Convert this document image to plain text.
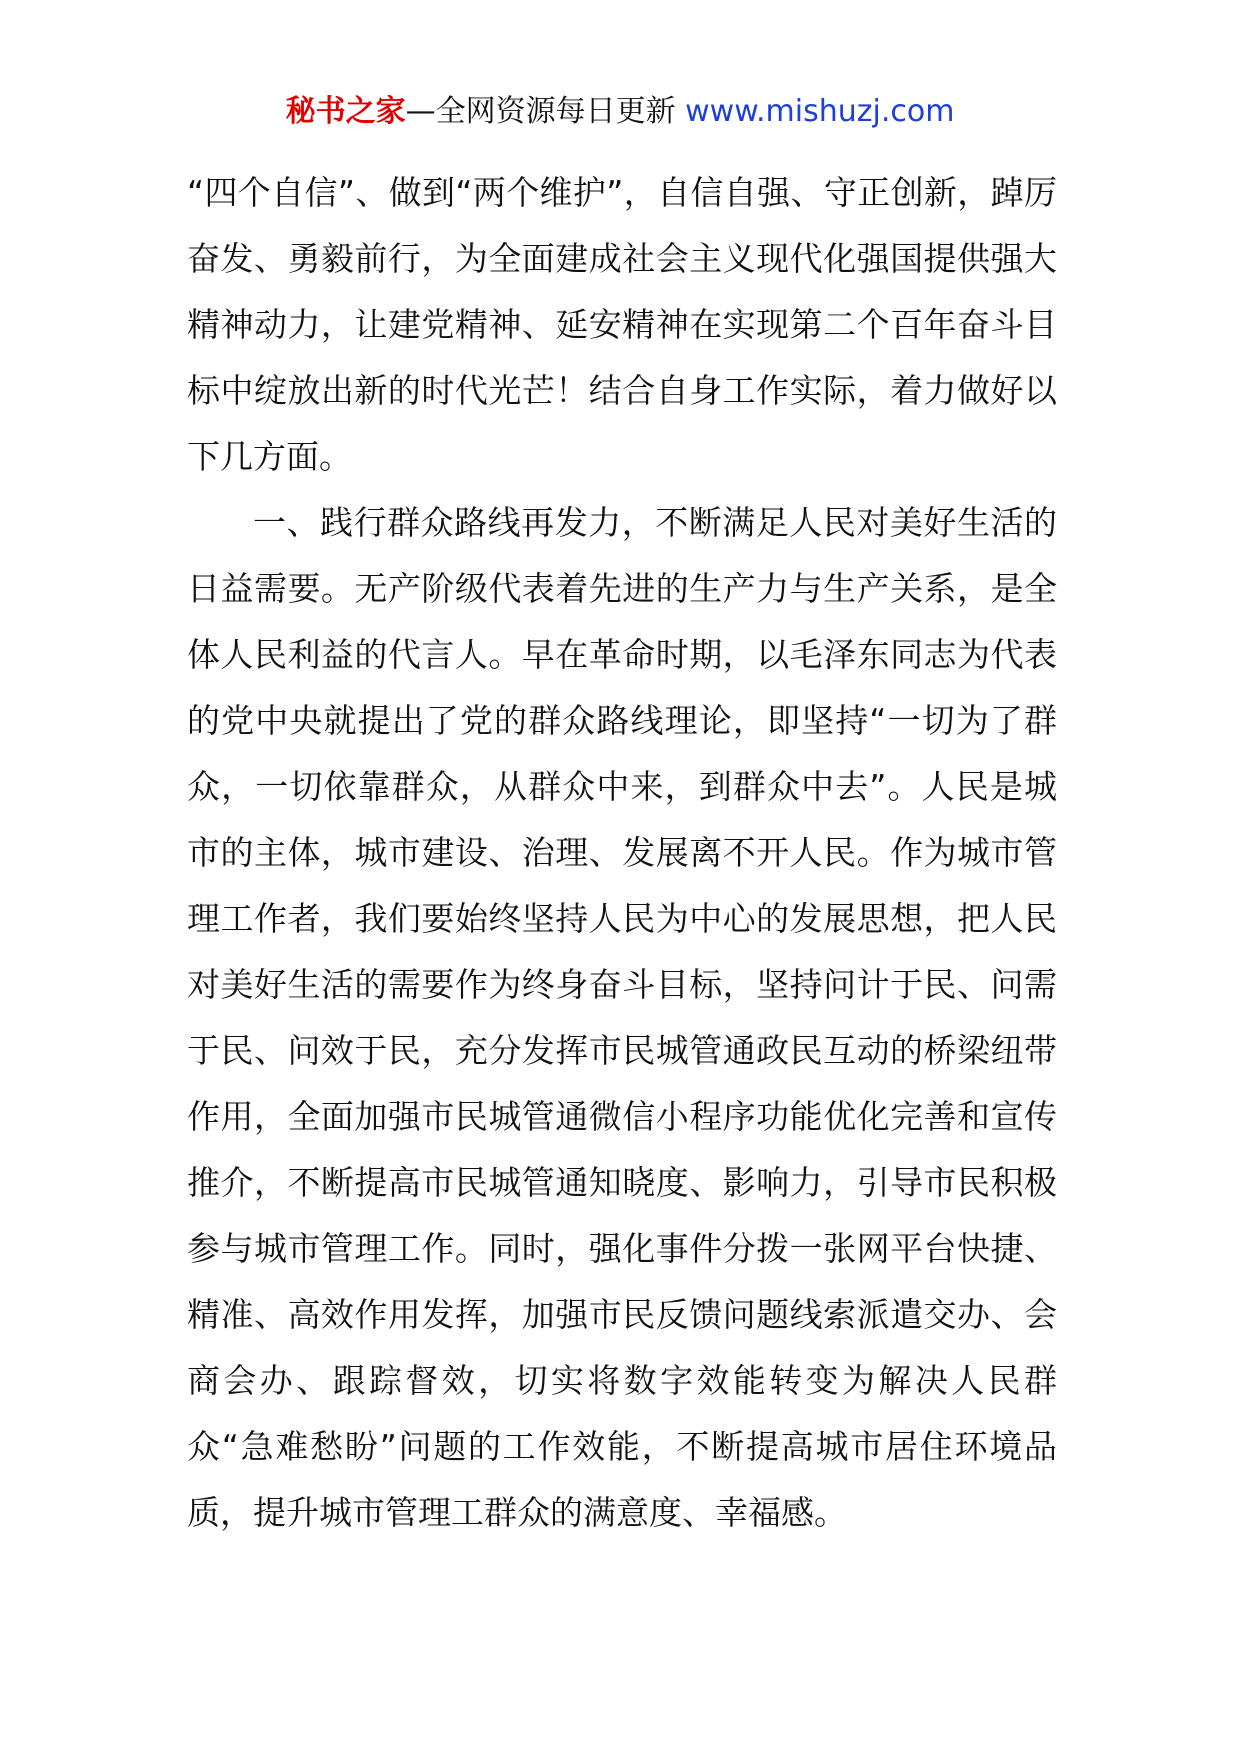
秘书之家—全网资源每日更新 www.mishuzj.com

“四个自信”、做到“两个维护”，自信自强、守正创新，踔厉奋发、勇毅前行，为全面建成社会主义现代化强国提供强大精神动力，让建党精神、延安精神在实现第二个百年奋斗目标中绽放出新的时代光芒！结合自身工作实际，着力做好以下几方面。

一、践行群众路线再发力，不断满足人民对美好生活的日益需要。无产阶级代表着先进的生产力与生产关系，是全体人民利益的代言人。早在革命时期，以毛泽东同志为代表的党中央就提出了党的群众路线理论，即坚持“一切为了群众，一切依靠群众，从群众中来，到群众中去”。人民是城市的主体，城市建设、治理、发展离不开人民。作为城市管理工作者，我们要始终坚持人民为中心的发展思想，把人民对美好生活的需要作为终身奋斗目标，坚持问计于民、问需于民、问效于民，充分发挥市民城管通政民互动的桥梁纽带作用，全面加强市民城管通微信小程序功能优化完善和宣传推介，不断提高市民城管通知晓度、影响力，引导市民积极参与城市管理工作。同时，强化事件分拨一张网平台快捷、精准、高效作用发挥，加强市民反馈问题线索派遣交办、会商会办、跟踪督效，切实将数字效能转变为解决人民群众“急难愁盼”问题的工作效能，不断提高城市居住环境品质，提升城市管理工群众的满意度、幸福感。
